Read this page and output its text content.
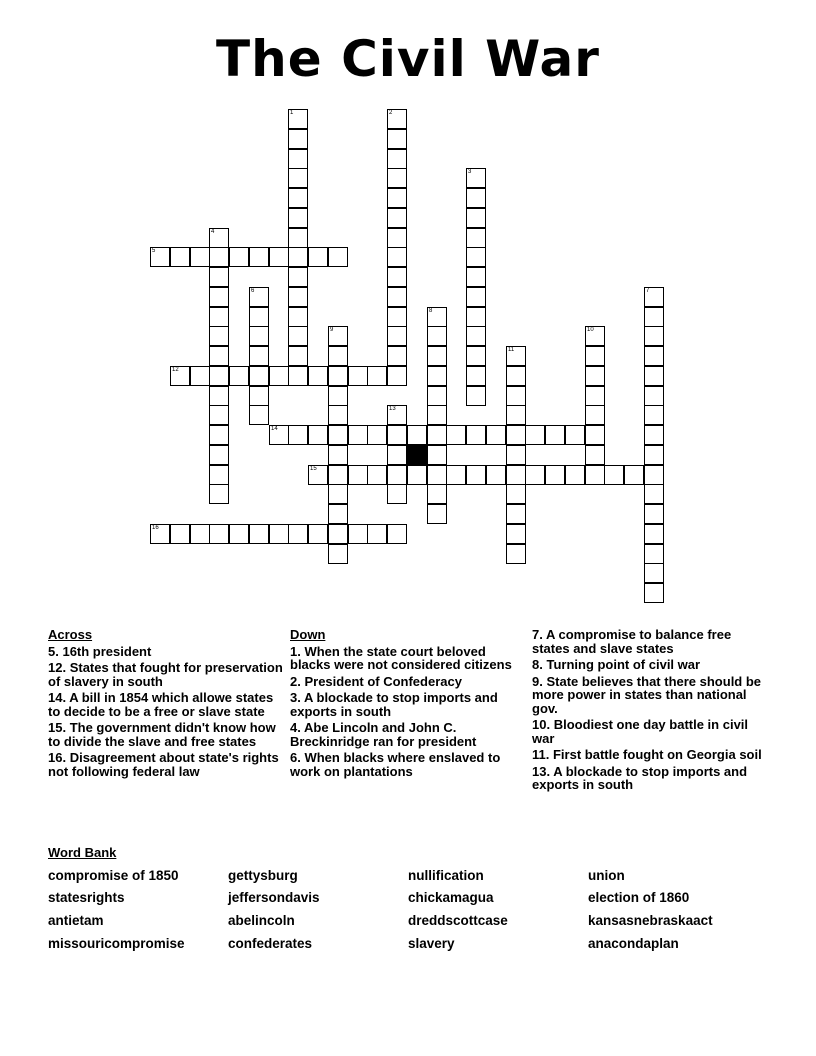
The Civil War
1	2
3
4
5
6	7
8
9	10
11
12
13
14
15
16
Across
5. 16th president
12. States that fought for preservation of slavery in south
14. A bill in 1854 which allowe states to decide to be a free or slave state
15. The government didn't know how to divide the slave and free states
16. Disagreement about state's rights not following federal law
Down
1. When the state court beloved blacks were not considered citizens
2. President of Confederacy
3. A blockade to stop imports and exports in south
4. Abe Lincoln and John C. Breckinridge ran for president
6. When blacks where enslaved to work on plantations
7. A compromise to balance free states and slave states
8. Turning point of civil war
9. State believes that there should be more power in states than national gov.
10. Bloodiest one day battle in civil war
11. First battle fought on Georgia soil
13. A blockade to stop imports and exports in south
Word Bank
compromise of 1850
statesrights
antietam
missouricompromise
gettysburg
jeffersondavis
abelincoln
confederates
nullification
chickamagua
dreddscottcase
slavery
union
election of 1860
kansasnebraskaact
anacondaplan
